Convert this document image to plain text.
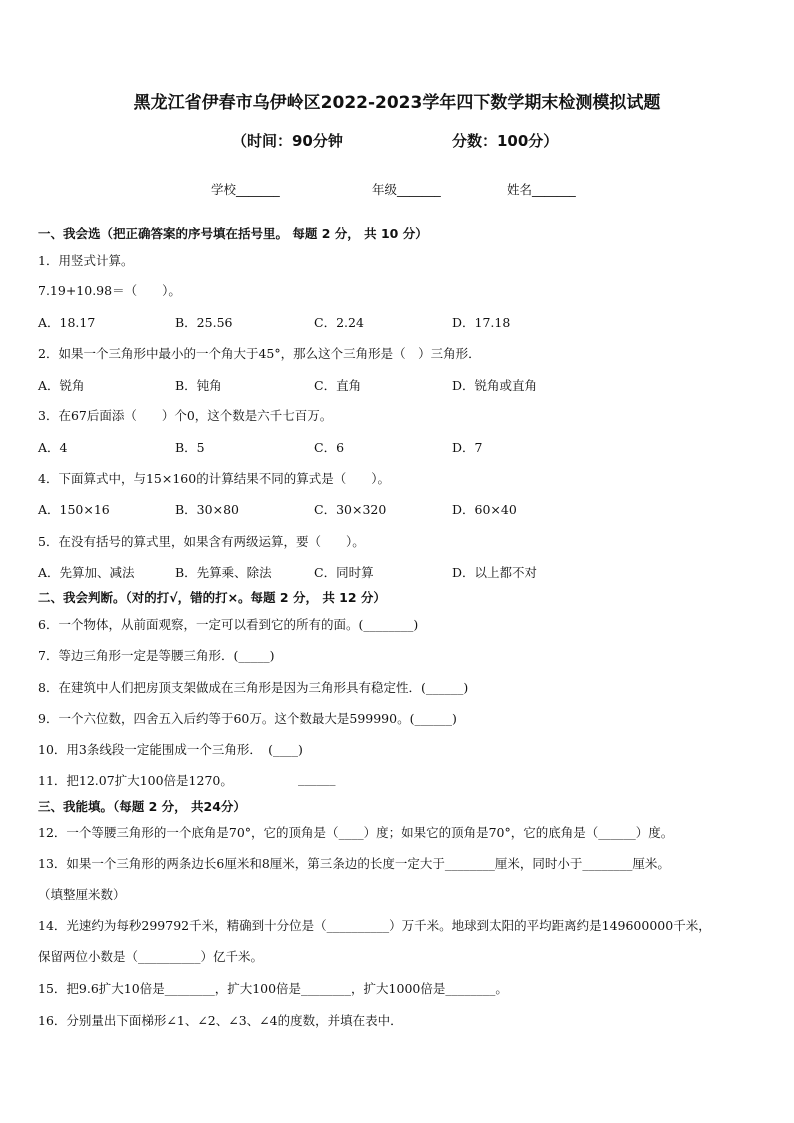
黑龙江省伊春市乌伊岭区2022-2023学年四下数学期末检测模拟试题
（时间：90分钟	分数：100分）
学校_______	年级_______	姓名_______
一、我会选（把正确答案的序号填在括号里。 每题 2 分， 共 10 分）
1．用竖式计算。
7.19+10.98＝（　　）。
A．18.17	B．25.56	C．2.24	D．17.18
2．如果一个三角形中最小的一个角大于45°，那么这个三角形是（　）三角形．
A．锐角	B．钝角	C．直角	D．锐角或直角
3．在67后面添（　　）个0，这个数是六千七百万。
A．4	B．5	C．6	D．7
4．下面算式中，与15×160的计算结果不同的算式是（　　）。
A．150×16	B．30×80	C．30×320	D．60×40
5．在没有括号的算式里，如果含有两级运算，要（　　）。
A．先算加、减法	B．先算乘、除法	C．同时算	D．以上都不对
二、我会判断。（对的打√，错的打×。每题 2 分， 共 12 分）
6．一个物体，从前面观察，一定可以看到它的所有的面。(________)
7．等边三角形一定是等腰三角形．(_____)
8．在建筑中人们把房顶支架做成在三角形是因为三角形具有稳定性．(______)
9．一个六位数，四舍五入后约等于60万。这个数最大是599990。(______)
10．用3条线段一定能围成一个三角形．　(____)
11．把12.07扩大100倍是1270。	______
三、我能填。（每题 2 分， 共24分）
12．一个等腰三角形的一个底角是70°，它的顶角是（____）度；如果它的顶角是70°，它的底角是（______）度。
13．如果一个三角形的两条边长6厘米和8厘米，第三条边的长度一定大于________厘米，同时小于________厘米。
（填整厘米数）
14．光速约为每秒299792千米，精确到十分位是（__________）万千米。地球到太阳的平均距离约是149600000千米，
保留两位小数是（__________）亿千米。
15．把9.6扩大10倍是________，扩大100倍是________，扩大1000倍是________。
16．分别量出下面梯形∠1、∠2、∠3、∠4的度数，并填在表中．
